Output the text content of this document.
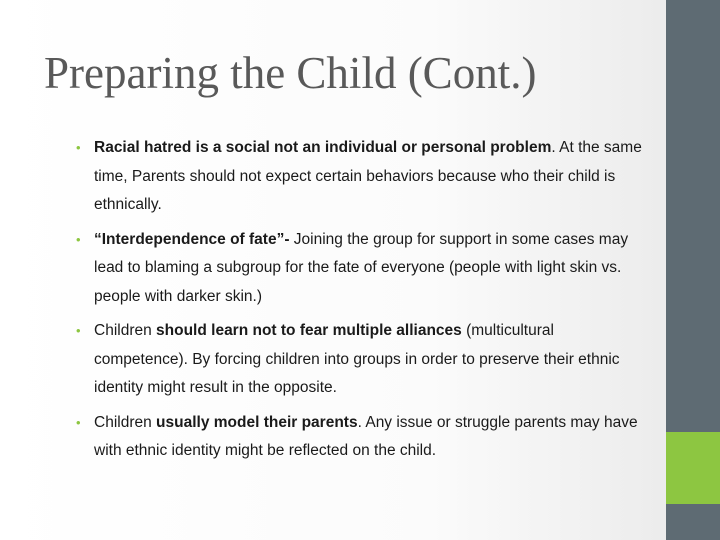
Preparing the Child (Cont.)
• Racial hatred is a social not an individual or personal problem. At the same time, Parents should not expect certain behaviors because who their child is ethnically.
• “Interdependence of fate”- Joining the group for support in some cases may lead to blaming a subgroup for the fate of everyone (people with light skin vs. people with darker skin.)
• Children should learn not to fear multiple alliances (multicultural competence). By forcing children into groups in order to preserve their ethnic identity might result in the opposite.
• Children usually model their parents. Any issue or struggle parents may have with ethnic identity might be reflected on the child.
